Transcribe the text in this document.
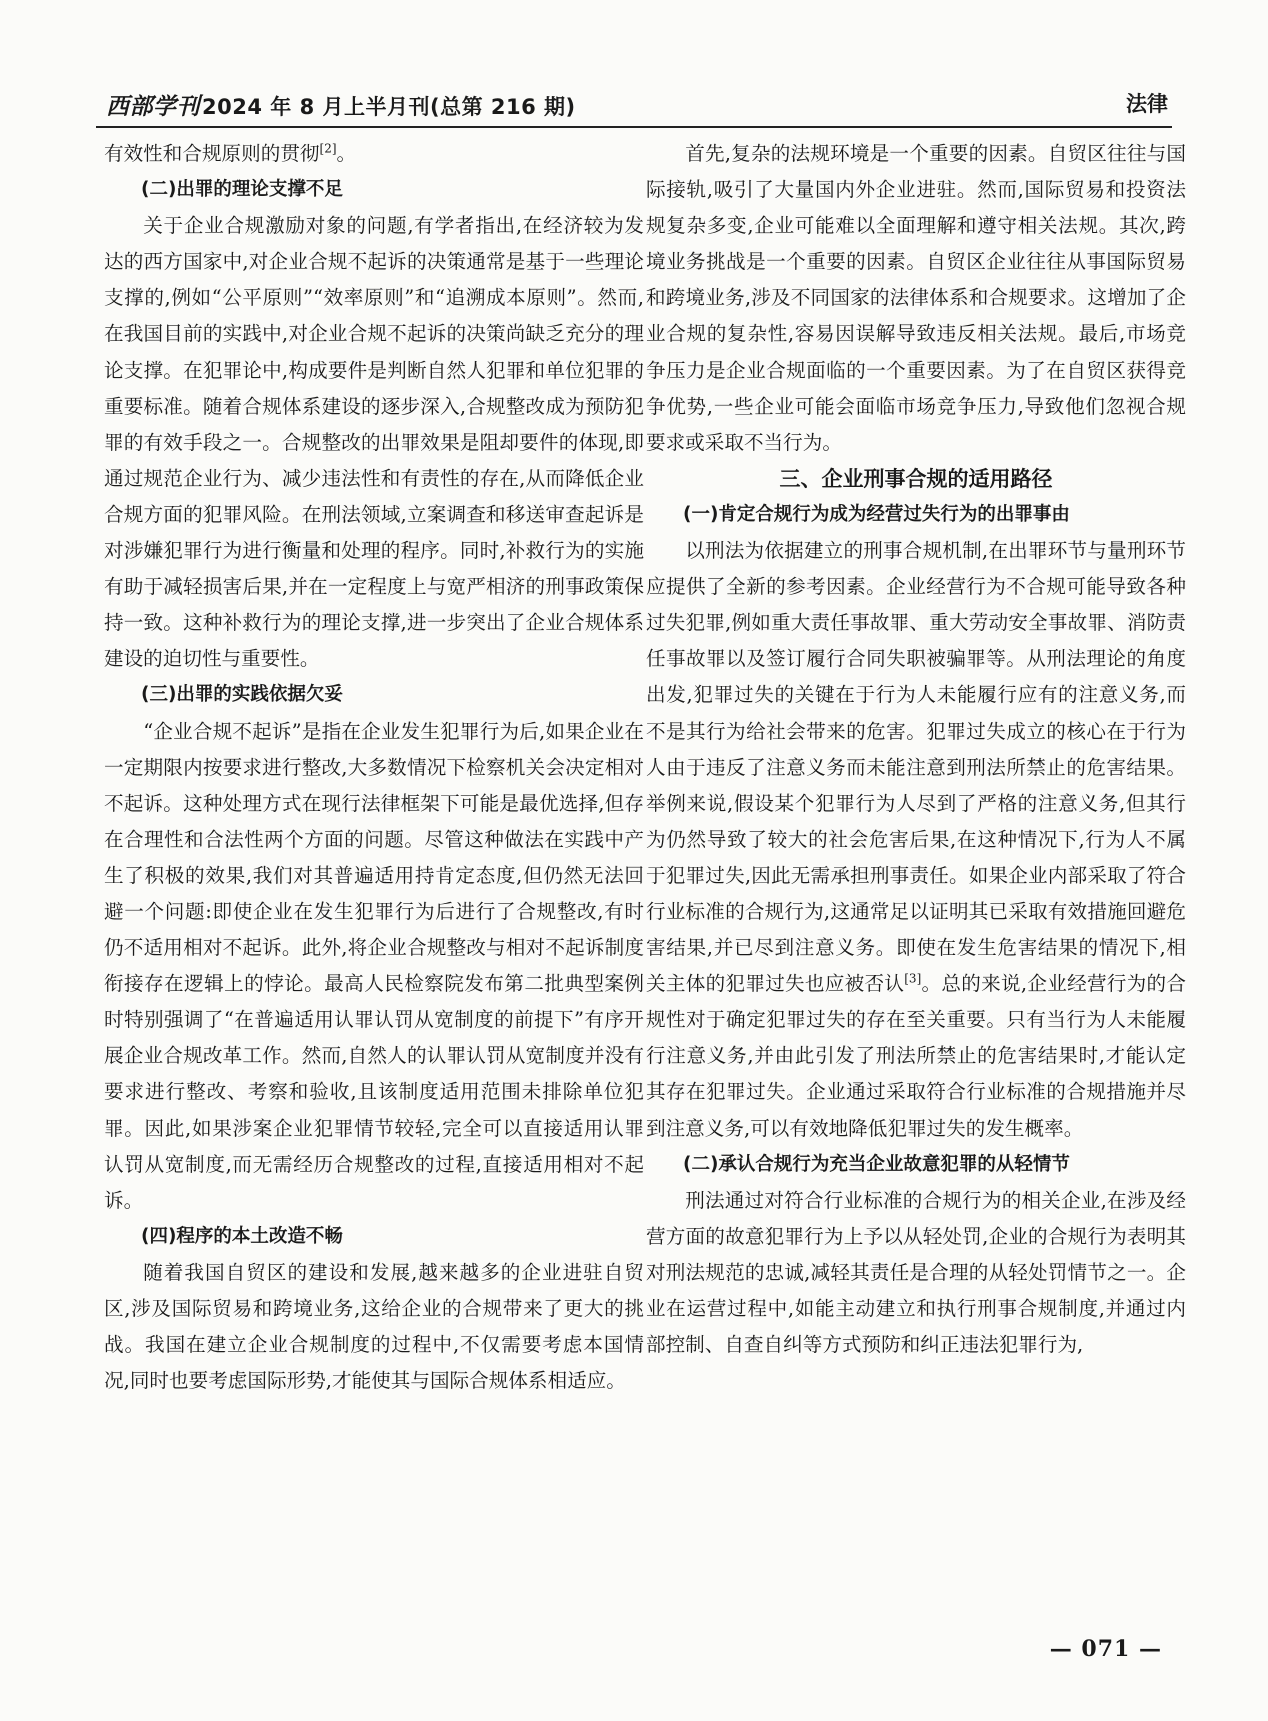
西部学刊2024 年 8 月上半月刊(总第 216 期)	法律

有效性和合规原则的贯彻[2]。

(二)出罪的理论支撑不足

关于企业合规激励对象的问题,有学者指出,在经济较为发达的西方国家中,对企业合规不起诉的决策通常是基于一些理论支撑的,例如“公平原则”“效率原则”和“追溯成本原则”。然而,在我国目前的实践中,对企业合规不起诉的决策尚缺乏充分的理论支撑。在犯罪论中,构成要件是判断自然人犯罪和单位犯罪的重要标准。随着合规体系建设的逐步深入,合规整改成为预防犯罪的有效手段之一。合规整改的出罪效果是阻却要件的体现,即通过规范企业行为、减少违法性和有责性的存在,从而降低企业合规方面的犯罪风险。在刑法领域,立案调查和移送审查起诉是对涉嫌犯罪行为进行衡量和处理的程序。同时,补救行为的实施有助于减轻损害后果,并在一定程度上与宽严相济的刑事政策保持一致。这种补救行为的理论支撑,进一步突出了企业合规体系建设的迫切性与重要性。

(三)出罪的实践依据欠妥

“企业合规不起诉”是指在企业发生犯罪行为后,如果企业在一定期限内按要求进行整改,大多数情况下检察机关会决定相对不起诉。这种处理方式在现行法律框架下可能是最优选择,但存在合理性和合法性两个方面的问题。尽管这种做法在实践中产生了积极的效果,我们对其普遍适用持肯定态度,但仍然无法回避一个问题:即使企业在发生犯罪行为后进行了合规整改,有时仍不适用相对不起诉。此外,将企业合规整改与相对不起诉制度衔接存在逻辑上的悖论。最高人民检察院发布第二批典型案例时特别强调了“在普遍适用认罪认罚从宽制度的前提下”有序开展企业合规改革工作。然而,自然人的认罪认罚从宽制度并没有要求进行整改、考察和验收,且该制度适用范围未排除单位犯罪。因此,如果涉案企业犯罪情节较轻,完全可以直接适用认罪认罚从宽制度,而无需经历合规整改的过程,直接适用相对不起诉。

(四)程序的本土改造不畅

随着我国自贸区的建设和发展,越来越多的企业进驻自贸区,涉及国际贸易和跨境业务,这给企业的合规带来了更大的挑战。我国在建立企业合规制度的过程中,不仅需要考虑本国情况,同时也要考虑国际形势,才能使其与国际合规体系相适应。

首先,复杂的法规环境是一个重要的因素。自贸区往往与国际接轨,吸引了大量国内外企业进驻。然而,国际贸易和投资法规复杂多变,企业可能难以全面理解和遵守相关法规。其次,跨境业务挑战是一个重要的因素。自贸区企业往往从事国际贸易和跨境业务,涉及不同国家的法律体系和合规要求。这增加了企业合规的复杂性,容易因误解导致违反相关法规。最后,市场竞争压力是企业合规面临的一个重要因素。为了在自贸区获得竞争优势,一些企业可能会面临市场竞争压力,导致他们忽视合规要求或采取不当行为。

三、企业刑事合规的适用路径
(一)肯定合规行为成为经营过失行为的出罪事由

以刑法为依据建立的刑事合规机制,在出罪环节与量刑环节应提供了全新的参考因素。企业经营行为不合规可能导致各种过失犯罪,例如重大责任事故罪、重大劳动安全事故罪、消防责任事故罪以及签订履行合同失职被骗罪等。从刑法理论的角度出发,犯罪过失的关键在于行为人未能履行应有的注意义务,而不是其行为给社会带来的危害。犯罪过失成立的核心在于行为人由于违反了注意义务而未能注意到刑法所禁止的危害结果。举例来说,假设某个犯罪行为人尽到了严格的注意义务,但其行为仍然导致了较大的社会危害后果,在这种情况下,行为人不属于犯罪过失,因此无需承担刑事责任。如果企业内部采取了符合行业标准的合规行为,这通常足以证明其已采取有效措施回避危害结果,并已尽到注意义务。即使在发生危害结果的情况下,相关主体的犯罪过失也应被否认[3]。总的来说,企业经营行为的合规性对于确定犯罪过失的存在至关重要。只有当行为人未能履行注意义务,并由此引发了刑法所禁止的危害结果时,才能认定其存在犯罪过失。企业通过采取符合行业标准的合规措施并尽到注意义务,可以有效地降低犯罪过失的发生概率。

(二)承认合规行为充当企业故意犯罪的从轻情节

刑法通过对符合行业标准的合规行为的相关企业,在涉及经营方面的故意犯罪行为上予以从轻处罚,企业的合规行为表明其对刑法规范的忠诚,减轻其责任是合理的从轻处罚情节之一。企业在运营过程中,如能主动建立和执行刑事合规制度,并通过内部控制、自查自纠等方式预防和纠正违法犯罪行为,

— 071 —
